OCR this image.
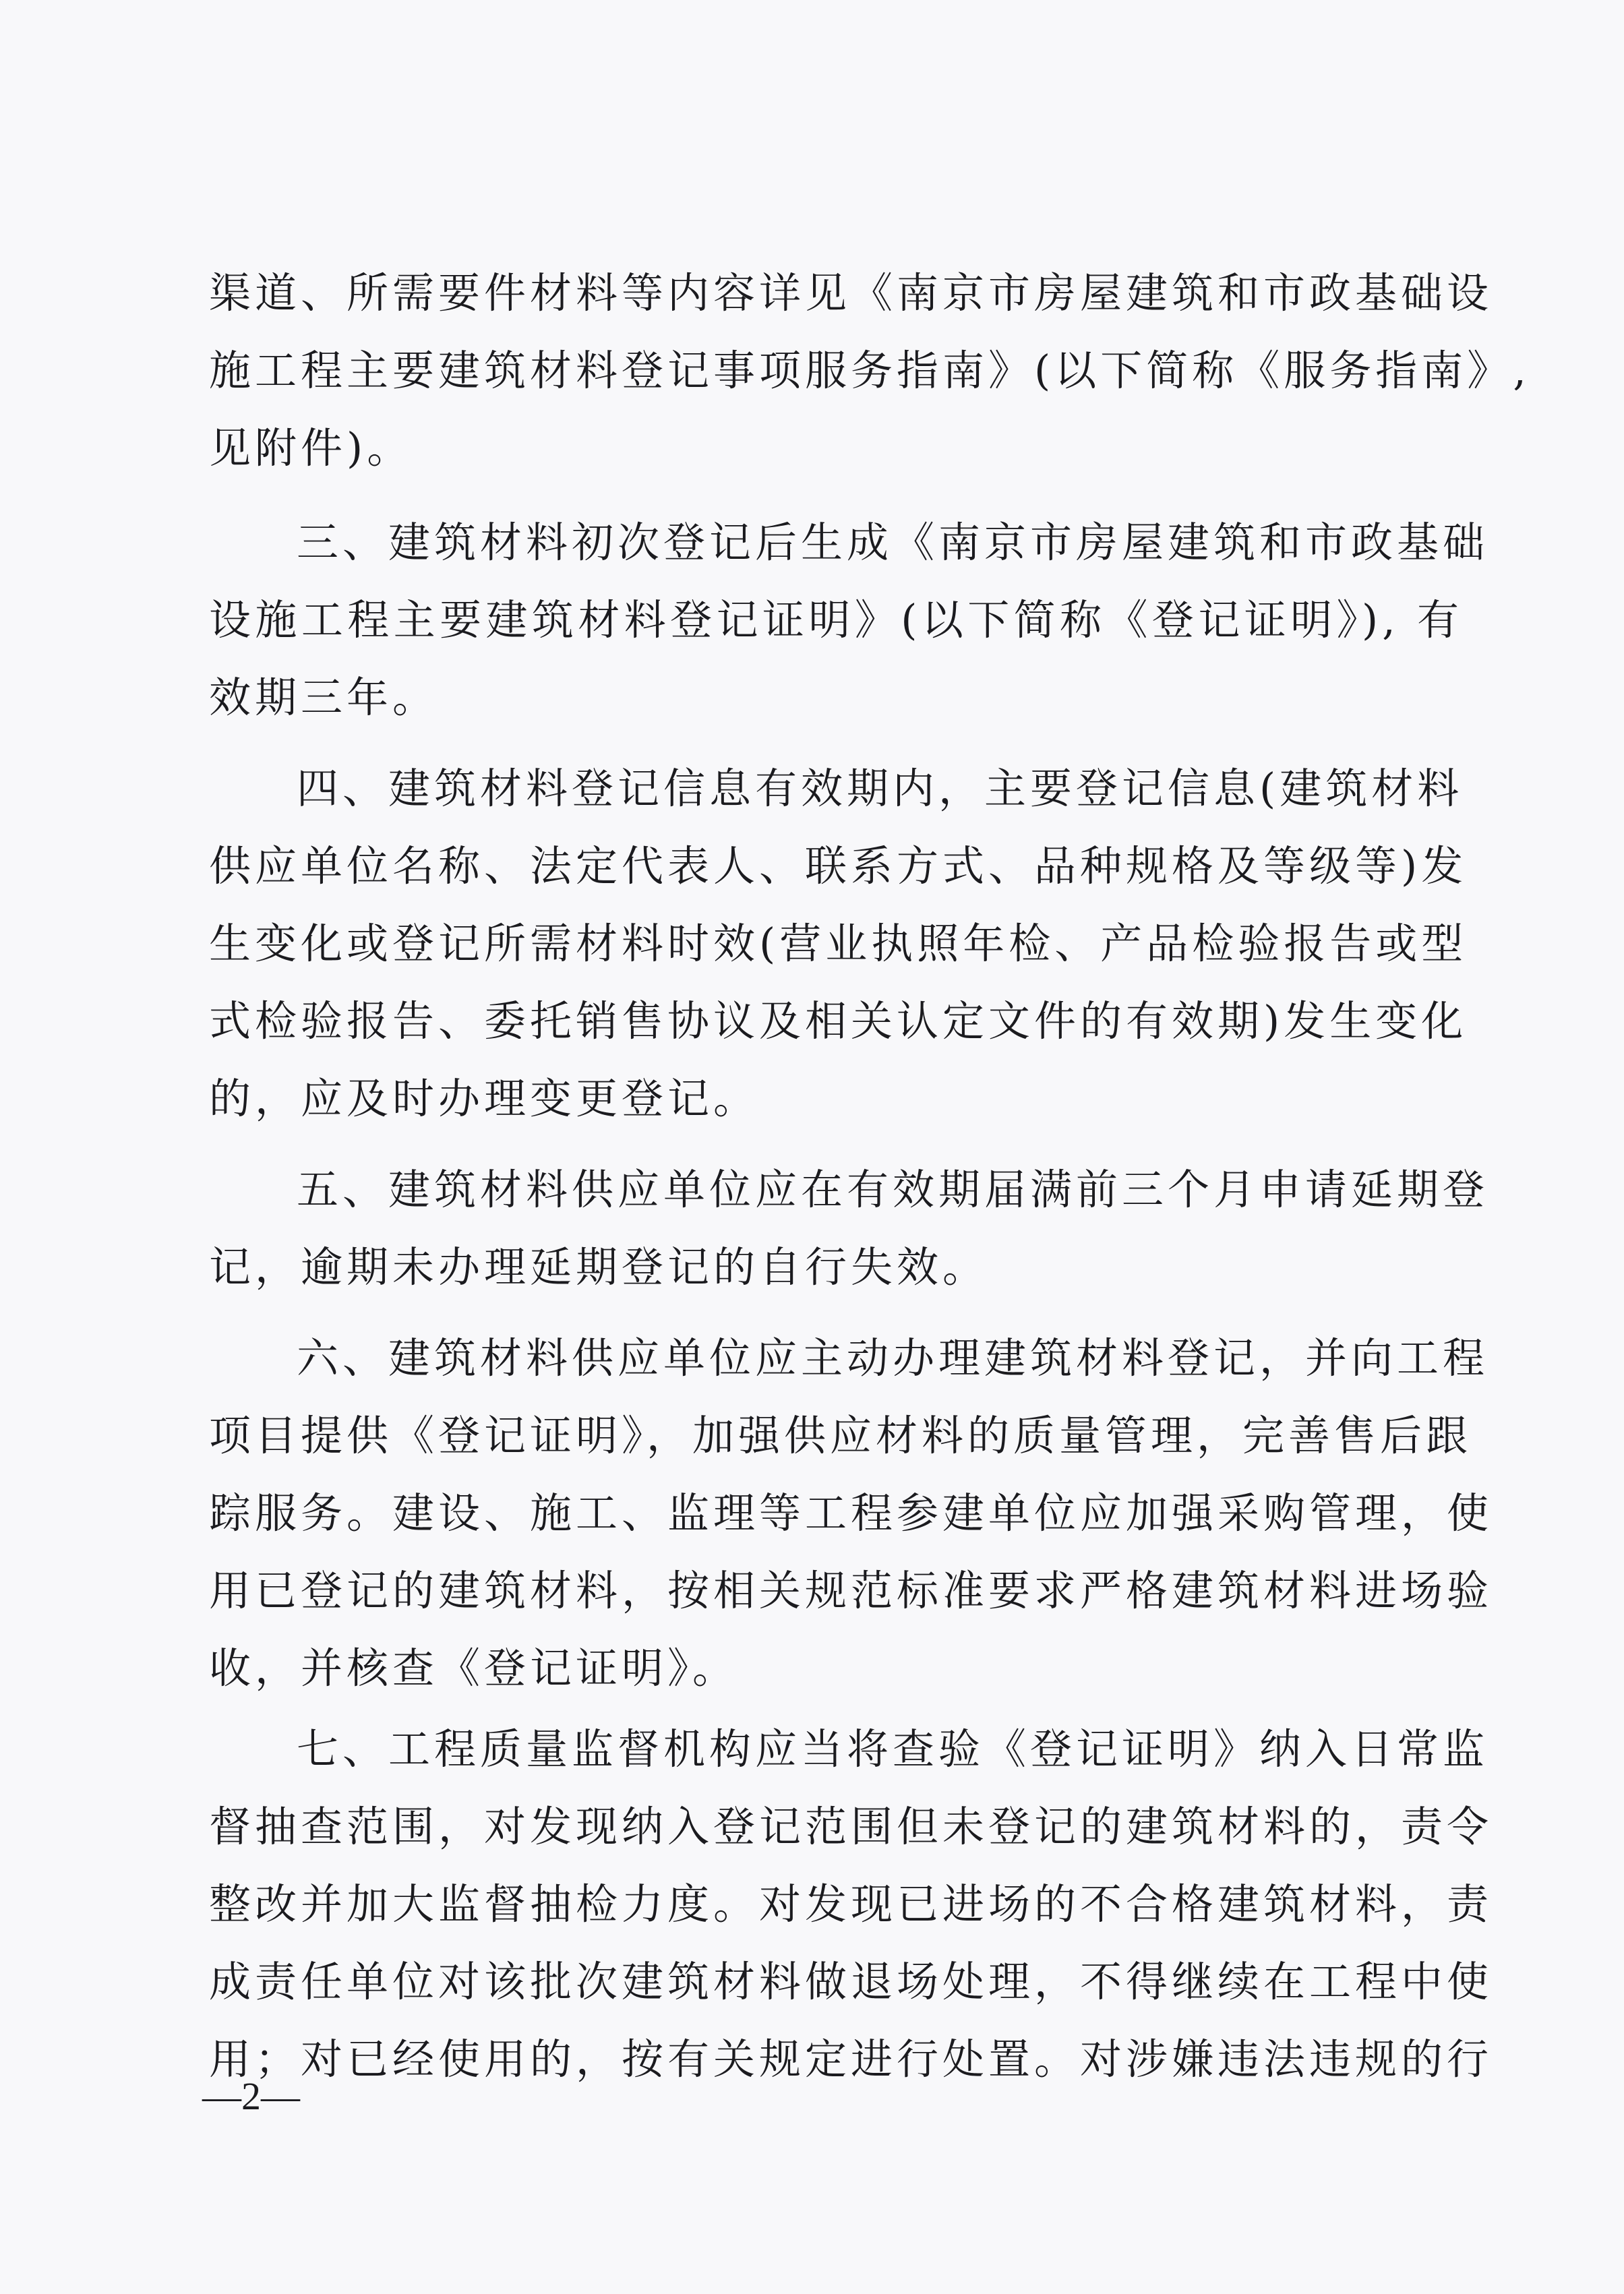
渠道、所需要件材料等内容详见《南京市房屋建筑和市政基础设
施工程主要建筑材料登记事项服务指南》(以下简称《服务指南》,
见附件)。
三、建筑材料初次登记后生成《南京市房屋建筑和市政基础
设施工程主要建筑材料登记证明》(以下简称《登记证明》), 有
效期三年。
四、建筑材料登记信息有效期内，主要登记信息(建筑材料
供应单位名称、法定代表人、联系方式、品种规格及等级等)发
生变化或登记所需材料时效(营业执照年检、产品检验报告或型
式检验报告、委托销售协议及相关认定文件的有效期)发生变化
的，应及时办理变更登记。
五、建筑材料供应单位应在有效期届满前三个月申请延期登
记，逾期未办理延期登记的自行失效。
六、建筑材料供应单位应主动办理建筑材料登记，并向工程
项目提供《登记证明》，加强供应材料的质量管理，完善售后跟
踪服务。建设、施工、监理等工程参建单位应加强采购管理，使
用已登记的建筑材料，按相关规范标准要求严格建筑材料进场验
收，并核查《登记证明》。
七、工程质量监督机构应当将查验《登记证明》纳入日常监
督抽查范围，对发现纳入登记范围但未登记的建筑材料的，责令
整改并加大监督抽检力度。对发现已进场的不合格建筑材料，责
成责任单位对该批次建筑材料做退场处理，不得继续在工程中使
用；对已经使用的，按有关规定进行处置。对涉嫌违法违规的行
—2—
